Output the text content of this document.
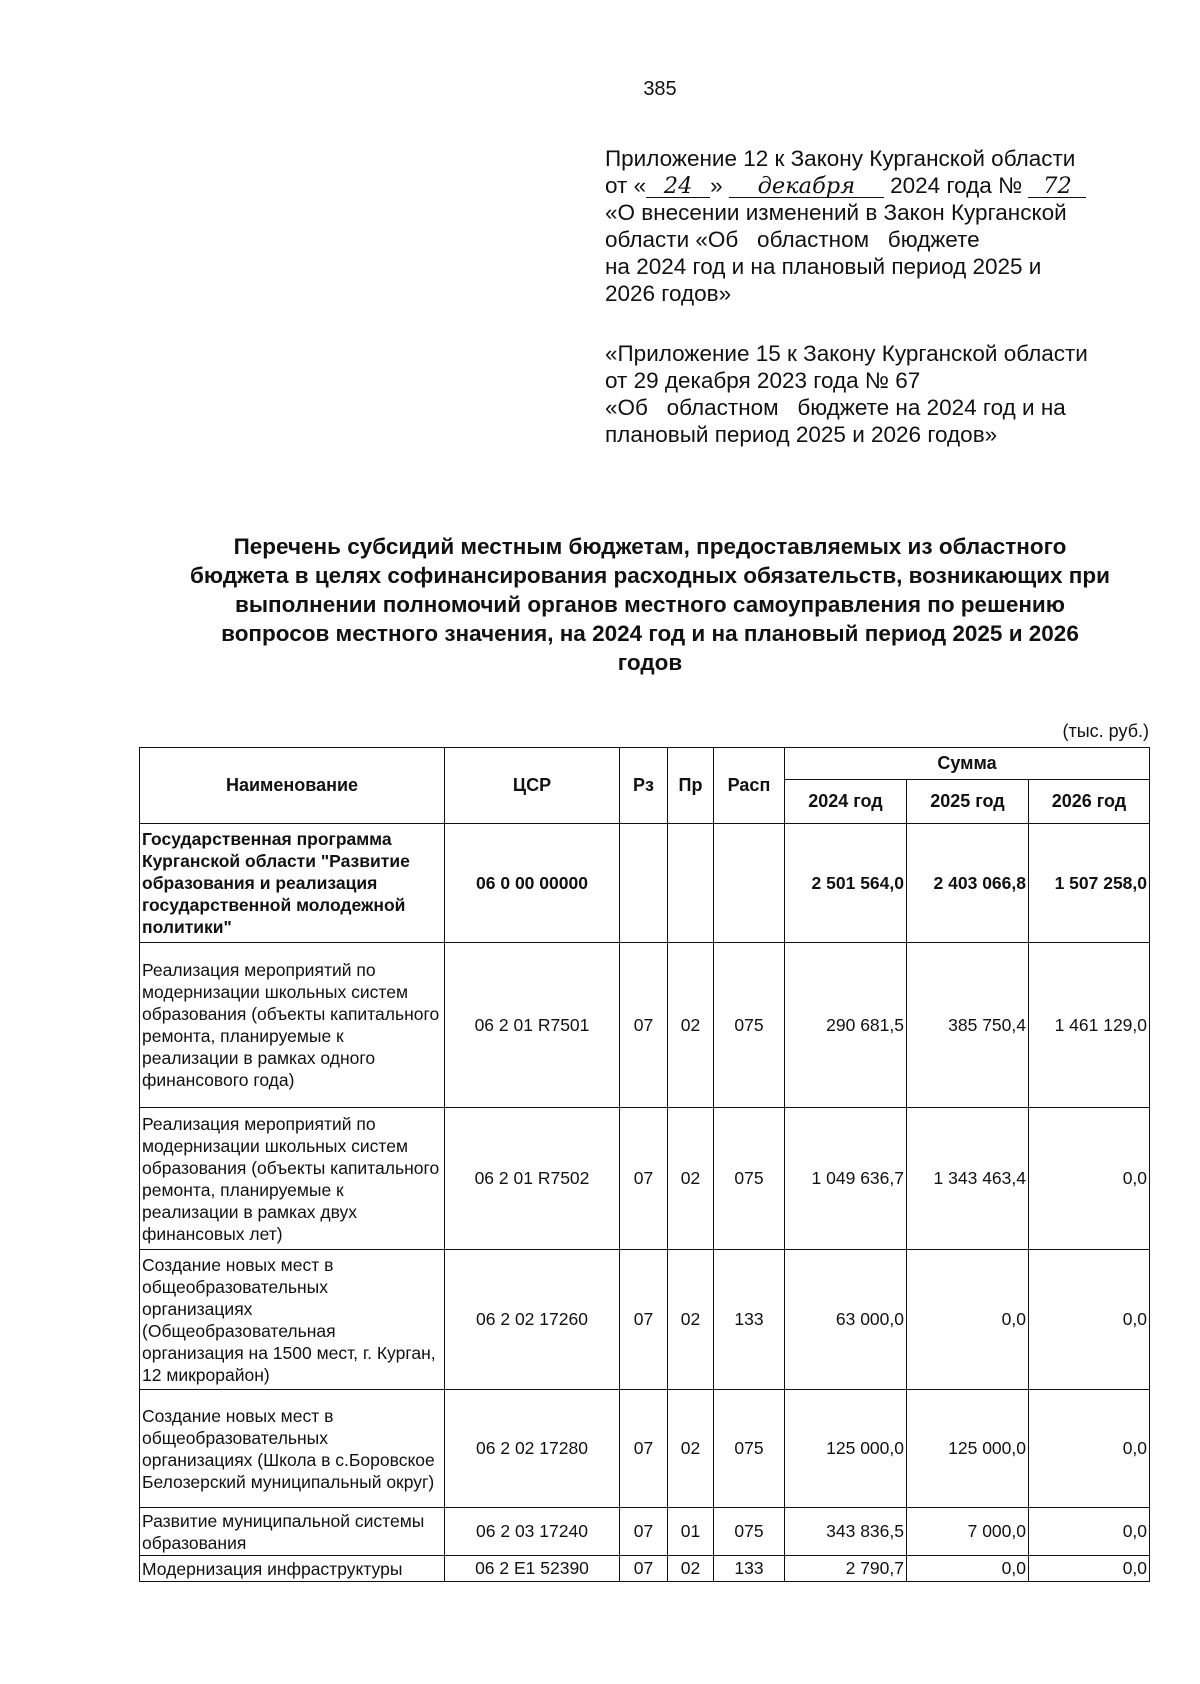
385
Приложение 12 к Закону Курганской области
от « 24 » декабря 2024 года № 72
«О внесении изменений в Закон Курганской
области «Об   областном   бюджете
на 2024 год и на плановый период 2025 и
2026 годов»
«Приложение 15 к Закону Курганской области
от 29 декабря 2023 года № 67
«Об   областном   бюджете на 2024 год и на
плановый период 2025 и 2026 годов»
Перечень субсидий местным бюджетам, предоставляемых из областного
бюджета в целях софинансирования расходных обязательств, возникающих при
выполнении полномочий органов местного самоуправления по решению
вопросов местного значения, на 2024 год и на плановый период 2025 и 2026
годов
(тыс. руб.)
Наименование	ЦСР	Рз	Пр	Расп	Сумма		
					2024 год	2025 год	2026 год
Государственная программа Курганской области "Развитие образования и реализация государственной молодежной политики"	06 0 00 00000				2 501 564,0	2 403 066,8	1 507 258,0
Реализация мероприятий по модернизации школьных систем образования (объекты капитального ремонта, планируемые к реализации в рамках одного финансового года)	06 2 01 R7501	07	02	075	290 681,5	385 750,4	1 461 129,0
Реализация мероприятий по модернизации школьных систем образования (объекты капитального ремонта, планируемые к реализации в рамках двух финансовых лет)	06 2 01 R7502	07	02	075	1 049 636,7	1 343 463,4	0,0
Создание новых мест в общеобразовательных организациях (Общеобразовательная организация на 1500 мест, г. Курган, 12 микрорайон)	06 2 02 17260	07	02	133	63 000,0	0,0	0,0
Создание новых мест в общеобразовательных организациях (Школа в с.Боровское Белозерский муниципальный округ)	06 2 02 17280	07	02	075	125 000,0	125 000,0	0,0
Развитие муниципальной системы образования	06 2 03 17240	07	01	075	343 836,5	7 000,0	0,0
Модернизация инфраструктуры	06 2 E1 52390	07	02	133	2 790,7	0,0	0,0
